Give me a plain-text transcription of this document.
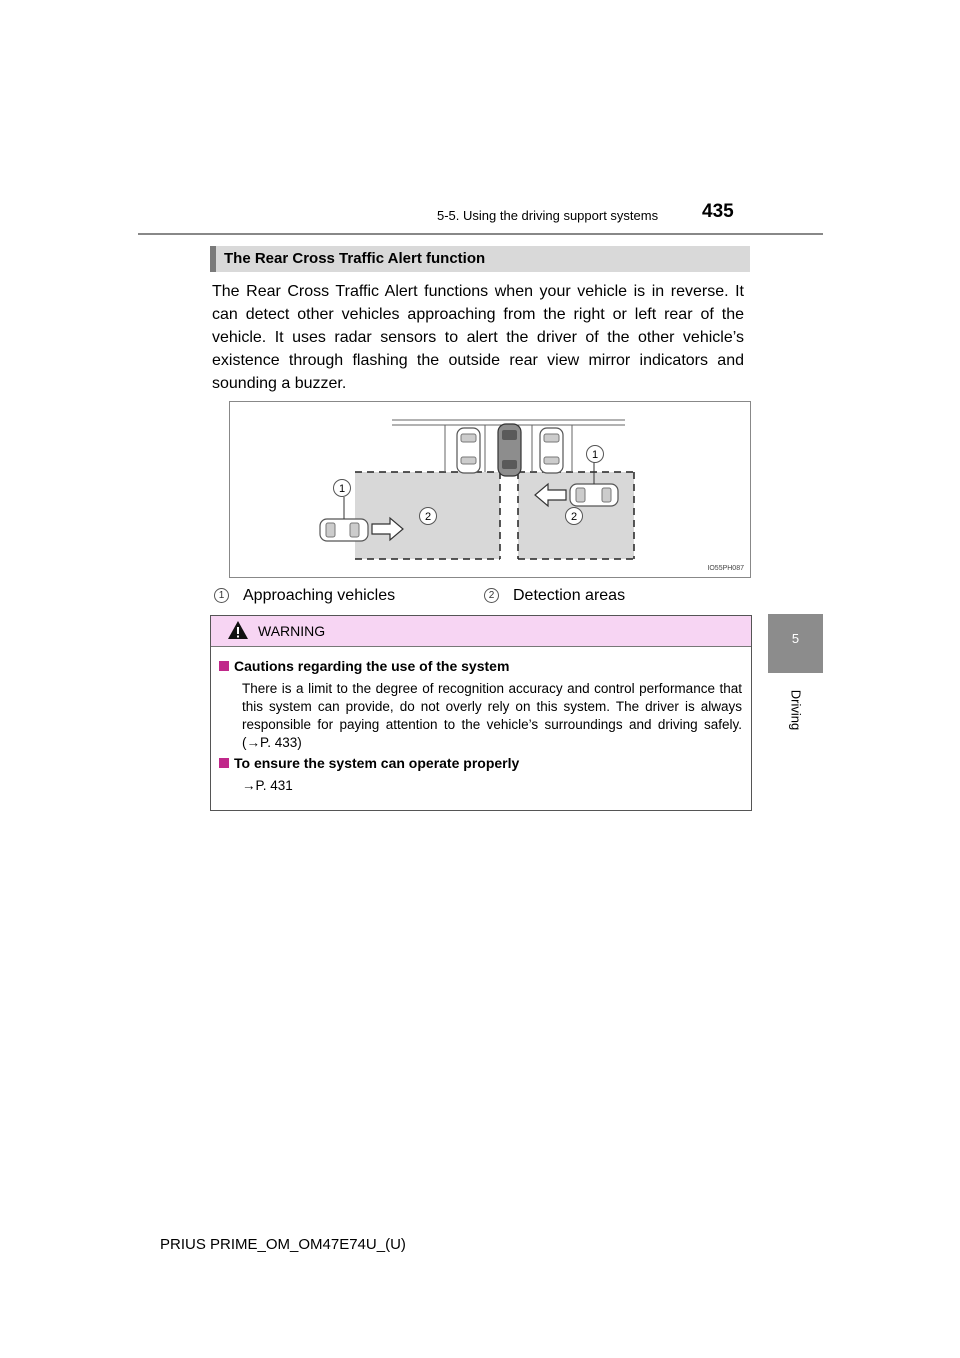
5-5. Using the driving support systems 435
5
Driving
The Rear Cross Traffic Alert function
The Rear Cross Traffic Alert functions when your vehicle is in reverse. It can detect other vehicles approaching from the right or left rear of the vehicle. It uses radar sensors to alert the driver of the other vehicle’s existence through flashing the outside rear view mirror indicators and sounding a buzzer.
1
1
2	2
IO55PH087
1 Approaching vehicles	2 Detection areas
WARNING
Cautions regarding the use of the system
There is a limit to the degree of recognition accuracy and control performance that this system can provide, do not overly rely on this system. The driver is always responsible for paying attention to the vehicle’s surroundings and driving safely. (→P. 433)
To ensure the system can operate properly
→P. 431
PRIUS PRIME_OM_OM47E74U_(U)
